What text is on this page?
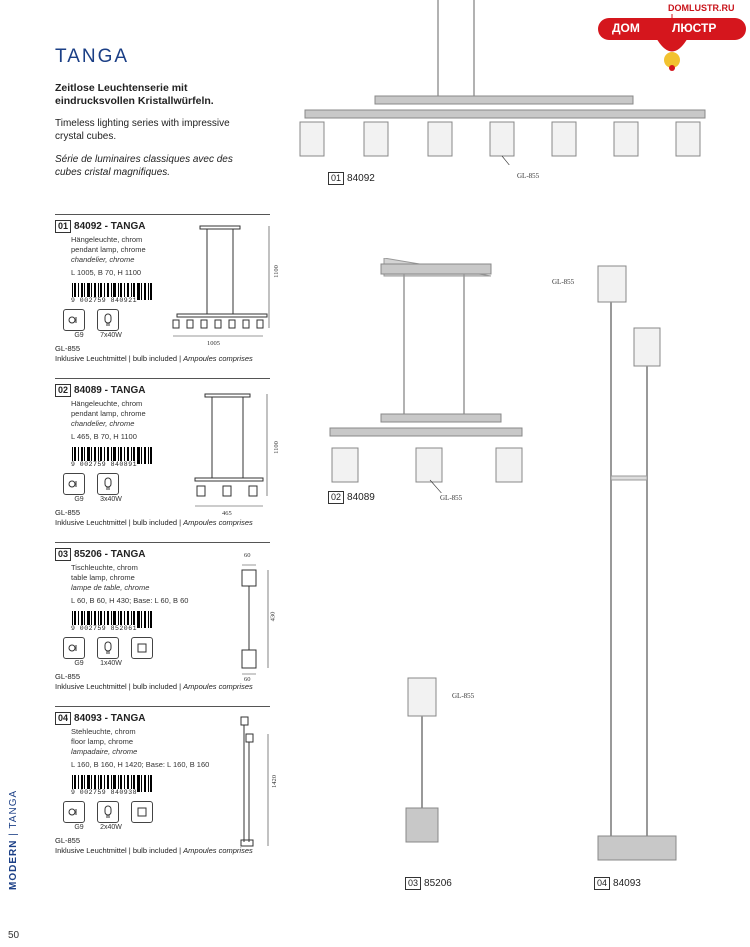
DOMLUSTR.RU
ДОМ	ЛЮСТР
TANGA
Zeitlose Leuchtenserie mit eindrucksvollen Kristallwürfeln.
Timeless lighting series with impressive crystal cubes.
Série de luminaires classiques avec des cubes cristal magnifiques.
01 84092 - TANGA
Hängeleuchte, chrom
pendant lamp, chrome
chandelier, chrome
L 1005, B 70, H 1100
9 002759 840921
G9	7x40W
GL-855
Inklusive Leuchtmittel | bulb included | Ampoules comprises
1100
1005
02 84089 - TANGA
Hängeleuchte, chrom
pendant lamp, chrome
chandelier, chrome
L 465, B 70, H 1100
9 002759 840891
G9	3x40W
GL-855
Inklusive Leuchtmittel | bulb included | Ampoules comprises
1100
465
03 85206 - TANGA
Tischleuchte, chrom
table lamp, chrome
lampe de table, chrome
L 60, B 60, H 430; Base: L 60, B 60
9 002759 852061
G9	1x40W
GL-855
Inklusive Leuchtmittel | bulb included | Ampoules comprises
60
430
60
04 84093 - TANGA
Stehleuchte, chrom
floor lamp, chrome
lampadaire, chrome
L 160, B 160, H 1420; Base: L 160, B 160
9 002759 840938
G9	2x40W
GL-855
Inklusive Leuchtmittel | bulb included | Ampoules comprises
1420
GL-855
01 84092
GL-855
02 84089
GL-855
03 85206
GL-855
04 84093
MODERN | TANGA
50
